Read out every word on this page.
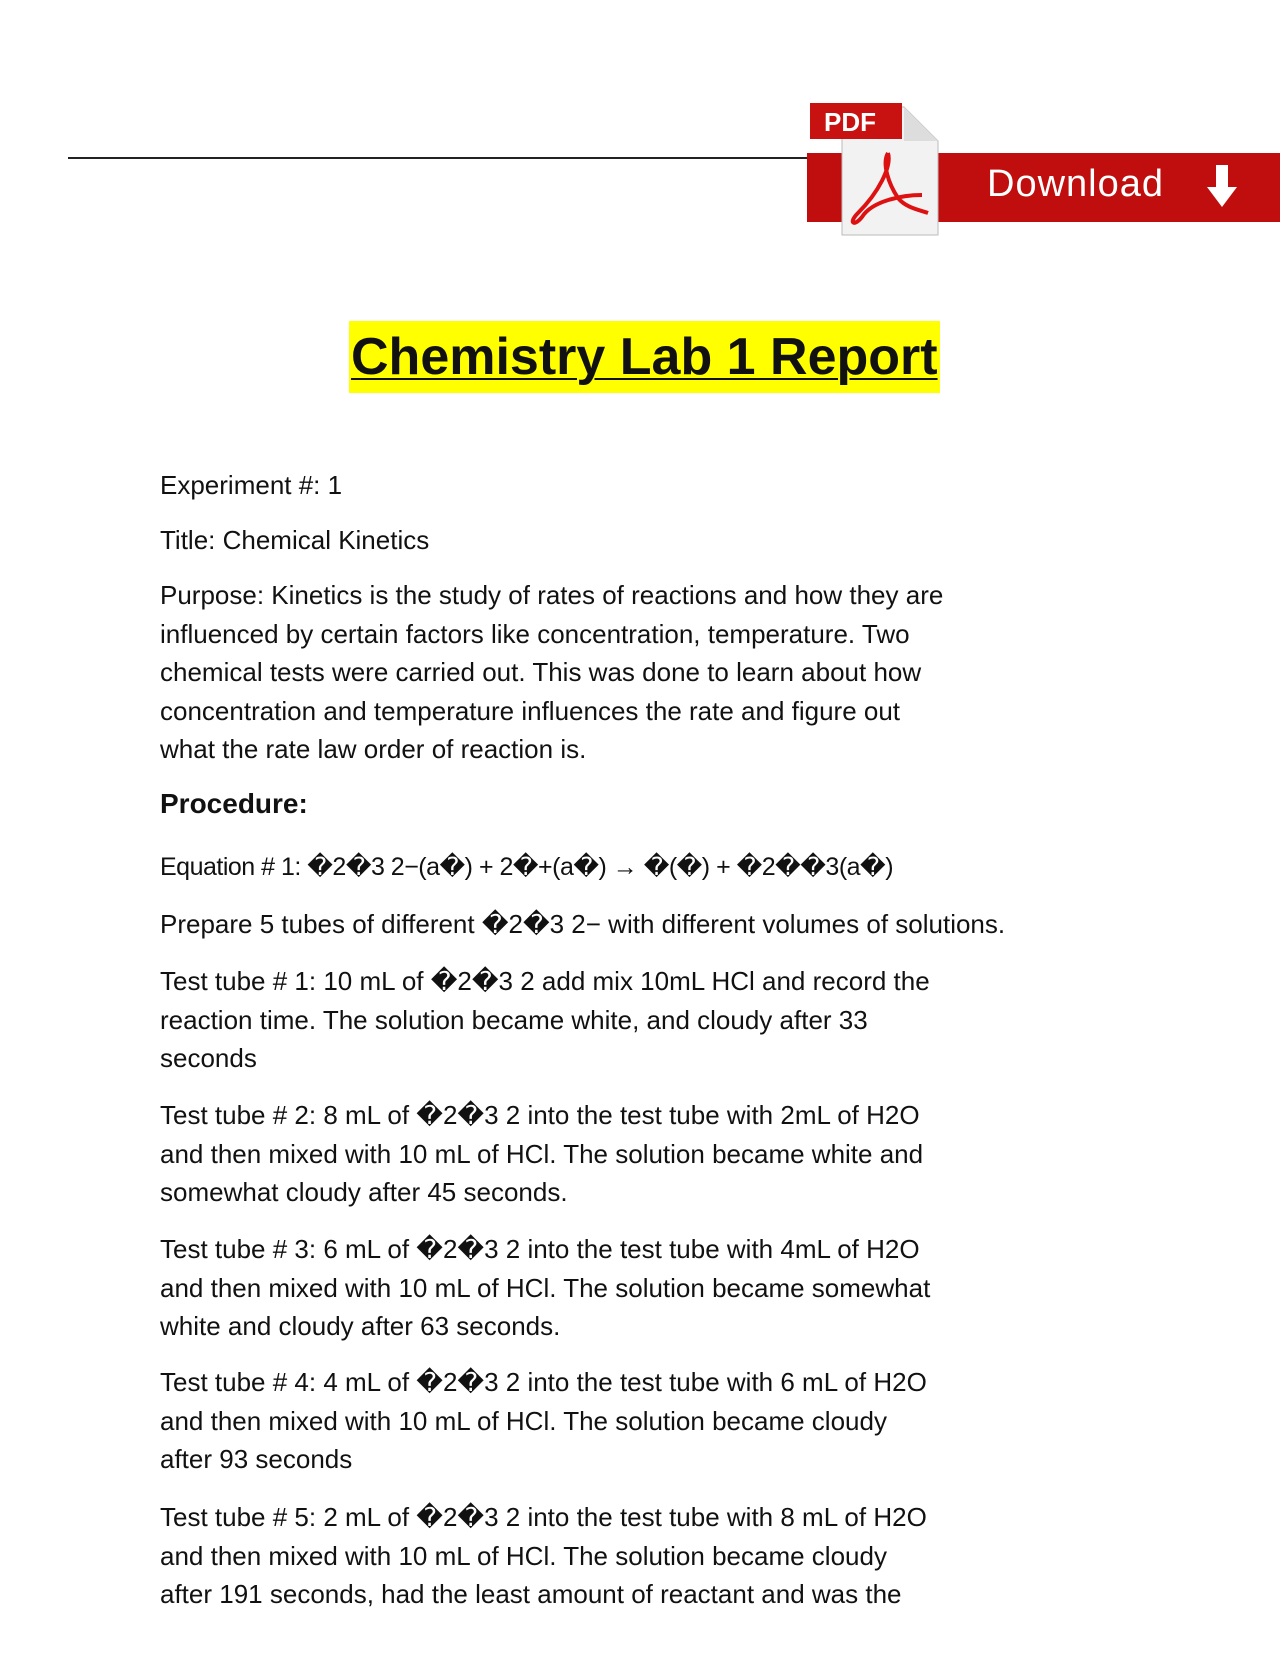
Download
PDF
Chemistry Lab 1 Report
Experiment #: 1
Title: Chemical Kinetics
Purpose: Kinetics is the study of rates of reactions and how they are
influenced by certain factors like concentration, temperature. Two
chemical tests were carried out. This was done to learn about how
concentration and temperature influences the rate and figure out
what the rate law order of reaction is.
Procedure:
Equation # 1: �2�3 2−(a�) + 2�+(a�) → �(�) + �2��3(a�)
Prepare 5 tubes of different �2�3 2− with different volumes of solutions.
Test tube # 1: 10 mL of �2�3 2 add mix 10mL HCl and record the
reaction time. The solution became white, and cloudy after 33
seconds
Test tube # 2: 8 mL of �2�3 2 into the test tube with 2mL of H2O
and then mixed with 10 mL of HCl. The solution became white and
somewhat cloudy after 45 seconds.
Test tube # 3: 6 mL of �2�3 2 into the test tube with 4mL of H2O
and then mixed with 10 mL of HCl. The solution became somewhat
white and cloudy after 63 seconds.
Test tube # 4: 4 mL of �2�3 2 into the test tube with 6 mL of H2O
and then mixed with 10 mL of HCl. The solution became cloudy
after 93 seconds
Test tube # 5: 2 mL of �2�3 2 into the test tube with 8 mL of H2O
and then mixed with 10 mL of HCl. The solution became cloudy
after 191 seconds, had the least amount of reactant and was the
